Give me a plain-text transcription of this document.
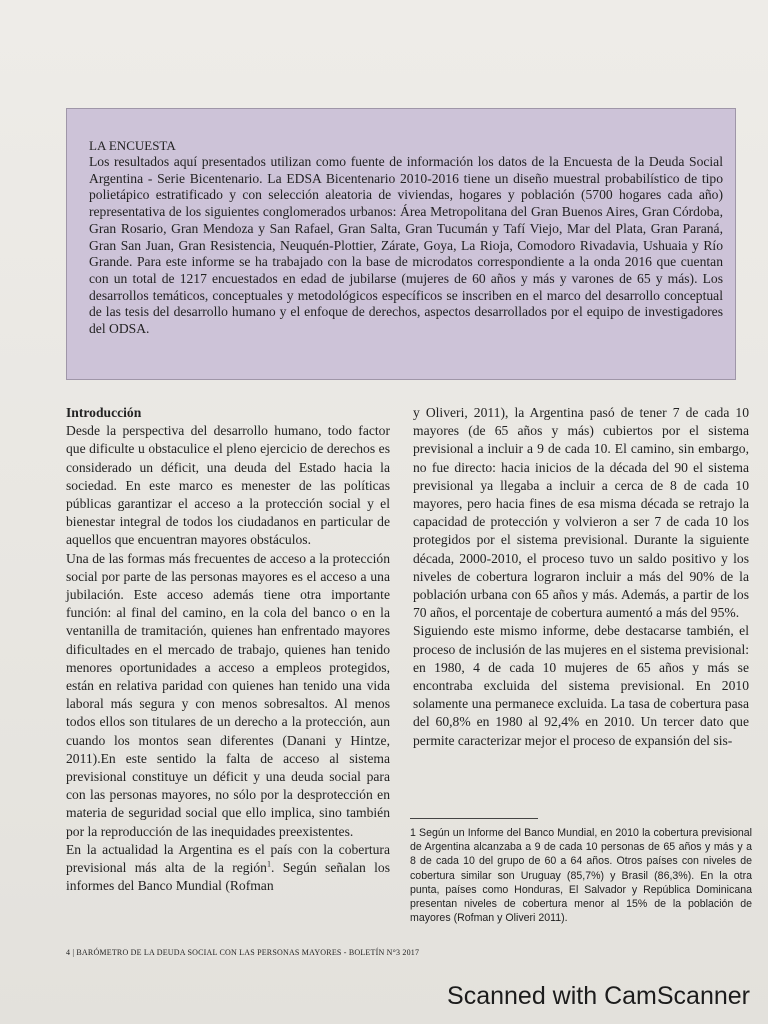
LA ENCUESTA

Los resultados aquí presentados utilizan como fuente de información los datos de la Encuesta de la Deuda Social Argentina - Serie Bicentenario. La EDSA Bicentenario 2010-2016 tiene un diseño muestral probabilístico de tipo polietápico estratificado y con selección aleatoria de viviendas, hogares y población (5700 hogares cada año) representativa de los siguientes conglomerados urbanos: Área Metropolitana del Gran Buenos Aires, Gran Córdoba, Gran Rosario, Gran Mendoza y San Rafael, Gran Salta, Gran Tucumán y Tafí Viejo, Mar del Plata, Gran Paraná, Gran San Juan, Gran Resistencia, Neuquén-Plottier, Zárate, Goya, La Rioja, Comodoro Rivadavia, Ushuaia y Río Grande. Para este informe se ha trabajado con la base de microdatos correspondiente a la onda 2016 que cuentan con un total de 1217 encuestados en edad de jubilarse (mujeres de 60 años y más y varones de 65 y más). Los desarrollos temáticos, conceptuales y metodológicos específicos se inscriben en el marco del desarrollo conceptual de las tesis del desarrollo humano y el enfoque de derechos, aspectos desarrollados por el equipo de investigadores del ODSA.

Introducción

Desde la perspectiva del desarrollo humano, todo factor que dificulte u obstaculice el pleno ejercicio de derechos es considerado un déficit, una deuda del Estado hacia la sociedad. En este marco es menester de las políticas públicas garantizar el acceso a la protección social y el bienestar integral de todos los ciudadanos en particular de aquellos que encuentran mayores obstáculos.

Una de las formas más frecuentes de acceso a la protección social por parte de las personas mayores es el acceso a una jubilación. Este acceso además tiene otra importante función: al final del camino, en la cola del banco o en la ventanilla de tramitación, quienes han enfrentado mayores dificultades en el mercado de trabajo, quienes han tenido menores oportunidades a acceso a empleos protegidos, están en relativa paridad con quienes han tenido una vida laboral más segura y con menos sobresaltos. Al menos todos ellos son titulares de un derecho a la protección, aun cuando los montos sean diferentes (Danani y Hintze, 2011).En este sentido la falta de acceso al sistema previsional constituye un déficit y una deuda social para con las personas mayores, no sólo por la desprotección en materia de seguridad social que ello implica, sino también por la reproducción de las inequidades preexistentes.

En la actualidad la Argentina es el país con la cobertura previsional más alta de la región$^1$. Según señalan los informes del Banco Mundial (Rofman

y Oliveri, 2011), la Argentina pasó de tener 7 de cada 10 mayores (de 65 años y más) cubiertos por el sistema previsional a incluir a 9 de cada 10. El camino, sin embargo, no fue directo: hacia inicios de la década del 90 el sistema previsional ya llegaba a incluir a cerca de 8 de cada 10 mayores, pero hacia fines de esa misma década se retrajo la capacidad de protección y volvieron a ser 7 de cada 10 los protegidos por el sistema previsional. Durante la siguiente década, 2000-2010, el proceso tuvo un saldo positivo y los niveles de cobertura lograron incluir a más del 90% de la población urbana con 65 años y más. Además, a partir de los 70 años, el porcentaje de cobertura aumentó a más del 95%.

Siguiendo este mismo informe, debe destacarse también, el proceso de inclusión de las mujeres en el sistema previsional: en 1980, 4 de cada 10 mujeres de 65 años y más se encontraba excluida del sistema previsional. En 2010 solamente una permanece excluida. La tasa de cobertura pasa del 60,8% en 1980 al 92,4% en 2010. Un tercer dato que permite caracterizar mejor el proceso de expansión del sis-

1 Según un Informe del Banco Mundial, en 2010 la cobertura previsional de Argentina alcanzaba a 9 de cada 10 personas de 65 años y más y a 8 de cada 10 del grupo de 60 a 64 años. Otros países con niveles de cobertura similar son Uruguay (85,7%) y Brasil (86,3%). En la otra punta, países como Honduras, El Salvador y República Dominicana presentan niveles de cobertura menor al 15% de la población de mayores (Rofman y Oliveri 2011).
4 | BARÓMETRO DE LA DEUDA SOCIAL CON LAS PERSONAS MAYORES - BOLETÍN N°3 2017
Scanned with CamScanner
